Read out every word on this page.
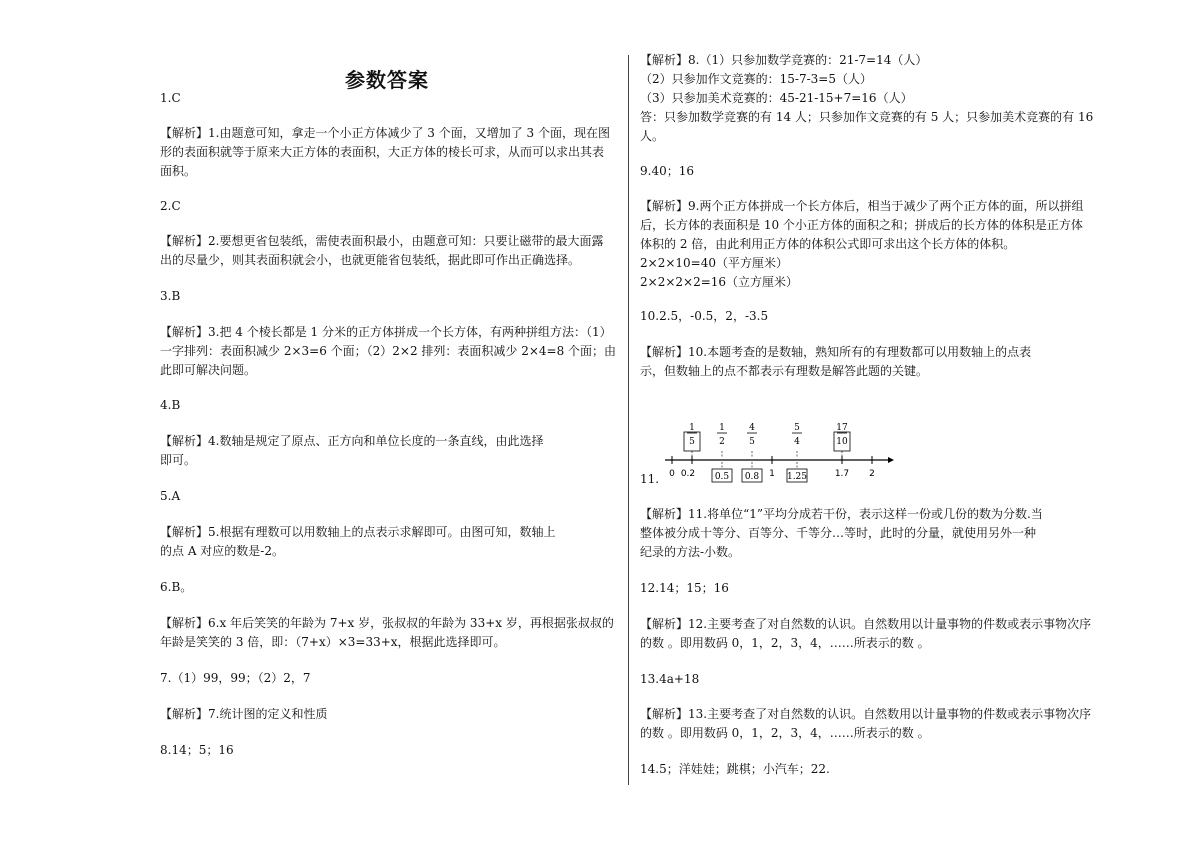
参数答案
1.C
【解析】1.由题意可知，拿走一个小正方体减少了 3 个面，又增加了 3 个面，现在图
形的表面积就等于原来大正方体的表面积，大正方体的棱长可求，从而可以求出其表
面积。
2.C
【解析】2.要想更省包装纸，需使表面积最小，由题意可知：只要让磁带的最大面露
出的尽量少，则其表面积就会小，也就更能省包装纸，据此即可作出正确选择。
3.B
【解析】3.把 4 个棱长都是 1 分米的正方体拼成一个长方体，有两种拼组方法：（1）
一字排列：表面积减少 2×3=6 个面；（2）2×2 排列：表面积减少 2×4=8 个面；由
此即可解决问题。
4.B
【解析】4.数轴是规定了原点、正方向和单位长度的一条直线，由此选择
即可。
5.A
【解析】5.根据有理数可以用数轴上的点表示求解即可。由图可知，数轴上
的点 A 对应的数是-2。
6.B。
【解析】6.x 年后笑笑的年龄为 7+x 岁，张叔叔的年龄为 33+x 岁，再根据张叔叔的
年龄是笑笑的 3 倍，即：（7+x）×3=33+x，根据此选择即可。
7.（1）99，99；（2）2，7
【解析】7.统计图的定义和性质
8.14；5；16
【解析】8.（1）只参加数学竞赛的：21-7=14（人）
（2）只参加作文竞赛的：15-7-3=5（人）
（3）只参加美术竞赛的：45-21-15+7=16（人）
答：只参加数学竞赛的有 14 人；只参加作文竞赛的有 5 人；只参加美术竞赛的有 16
人。
9.40；16
【解析】9.两个正方体拼成一个长方体后，相当于减少了两个正方体的面，所以拼组
后，长方体的表面积是 10 个小正方体的面积之和；拼成后的长方体的体积是正方体
体积的 2 倍，由此利用正方体的体积公式即可求出这个长方体的体积。
2×2×10=40（平方厘米）
2×2×2×2=16（立方厘米）
10.2.5，-0.5，2，-3.5
【解析】10.本题考查的是数轴，熟知所有的有理数都可以用数轴上的点表
示，但数轴上的点不都表示有理数是解答此题的关键。
11.
【解析】11.将单位“1”平均分成若干份，表示这样一份或几份的数为分数.当
整体被分成十等分、百等分、千等分…等时，此时的分量，就使用另外一种
纪录的方法-小数。
12.14；15；16
【解析】12.主要考查了对自然数的认识。自然数用以计量事物的件数或表示事物次序
的数 。即用数码 0，1，2，3，4，……所表示的数 。
13.4a+18
【解析】13.主要考查了对自然数的认识。自然数用以计量事物的件数或表示事物次序
的数 。即用数码 0，1，2，3，4，……所表示的数 。
14.5；洋娃娃；跳棋；小汽车；22.
0 0.2	1	1.7 2
1
5
1
2
4
5
5
4
17
10
0.5 0.8	1.25
